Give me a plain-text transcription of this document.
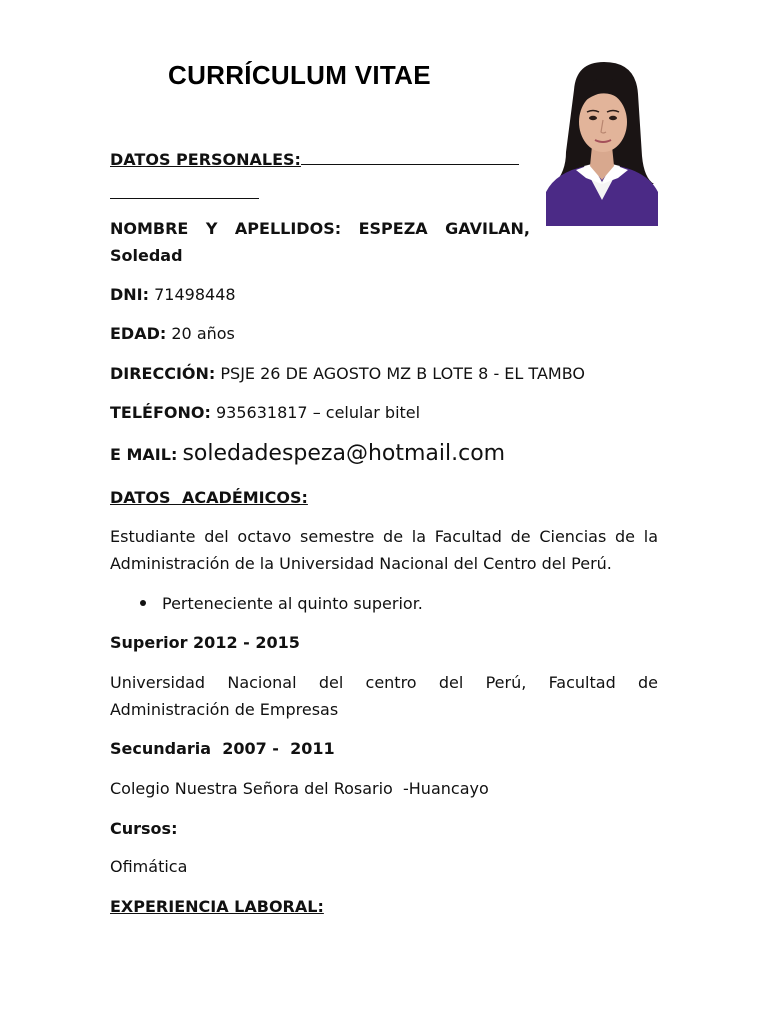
CURRÍCULUM VITAE
DATOS PERSONALES:
NOMBRE Y APELLIDOS: ESPEZA GAVILAN,
Soledad
DNI: 71498448
EDAD: 20 años
DIRECCIÓN: PSJE 26 DE AGOSTO MZ B LOTE 8 - EL TAMBO
TELÉFONO: 935631817 – celular bitel
E MAIL: soledadespeza@hotmail.com
DATOS ACADÉMICOS:
Estudiante del octavo semestre de la Facultad de Ciencias de la
Administración de la Universidad Nacional del Centro del Perú.
Perteneciente al quinto superior.
Superior 2012 - 2015
Universidad Nacional del centro del Perú, Facultad de
Administración de Empresas
Secundaria  2007 -  2011
Colegio Nuestra Señora del Rosario  -Huancayo
Cursos:
Ofimática
EXPERIENCIA LABORAL:
